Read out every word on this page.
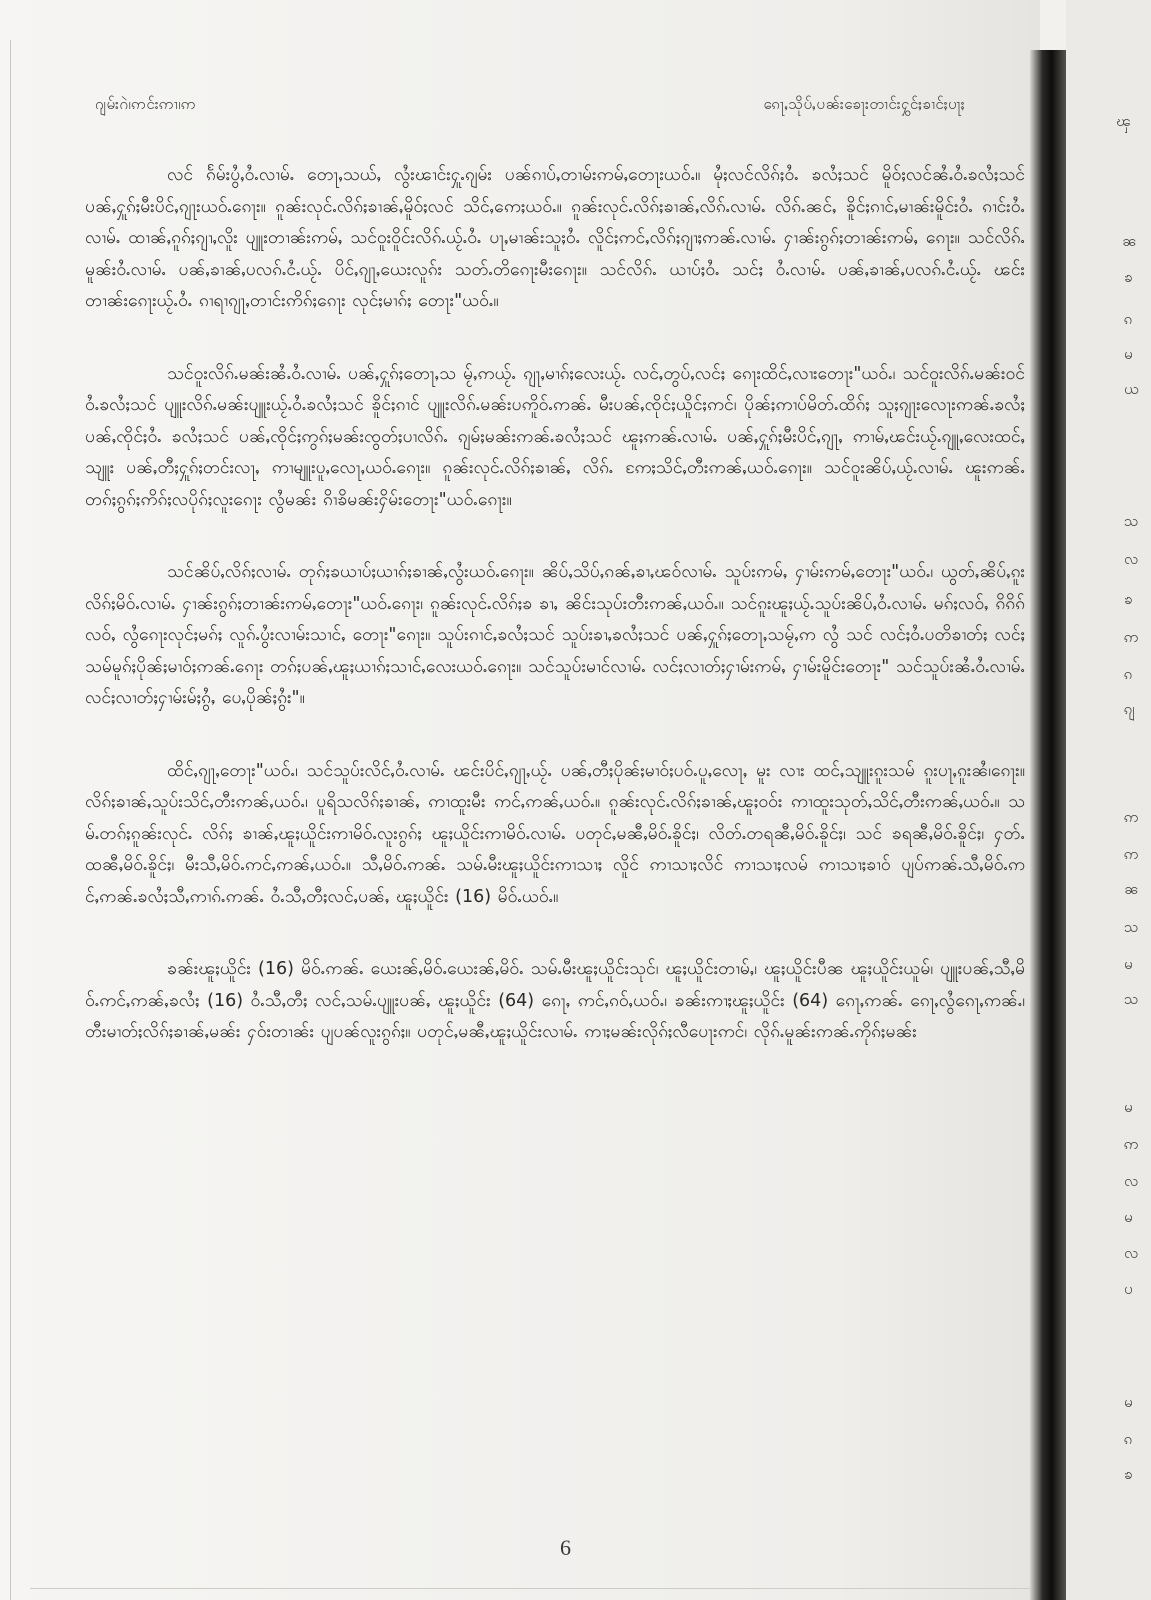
ဂျမ်းဂဲ၊ဢင်းဢၢ၊ဢ	ၵေႃႇသိုပ်ႇပၼ်းၶေႃးတၢင်းႁွင်ႈၶၢင်ႈပႃႈ

လင် ၵႅမ်းပွႆႇဝႆႉလၢမ်ႉ တေႃႇသယ်ႇ လွႆးၽၢင်းႁူႉၵျမ်း ပၼ်ၵၢပ်ႇတၢမ်းဢမ်ႇတေႃးယဝ်ႉ။ မႆုႈလင်လိၵ်ႈဝႆႉ ၶလႆႈသင် မိူဝ်ႈလင်ၼႆႉဝႆႉၶလႆႈသင် ပၼ်ႇႁူၵ်ႈမီးပိင်ႇၵျႃးယဝ်ႉၵေႃး။ ၵူၼ်းလုင်ႉလိၵ်ႈၶၢၼ်ႇမိူဝ်ႈလင် သိင်ႇဢေႈယဝ်ႉ။ ၵူၼ်းလုင်ႉလိၵ်ႈၶၢၼ်ႇလိၵ်ႉလၢမ်ႉ လိၵ်ႉၼင်ႇ ၶိူင်ႈၵၢင်ႇမၢၼ်းမိူင်းဝႆႉ ၵၢင်းဝႆႉလၢမ်ႉ ထၢၼ်ႇၵူၵ်ႈၵျၢႇလိူး ပျူးတၢၼ်းဢမ်ႇ သင်ဝူးဝိူင်းလိၵ်ႉယႂ်ႉဝႆႉ ပႃႇမၢၼ်းသူႈဝႆႉ လိူင်ႈဢင်ႇလိၵ်ႈၵျၢႈဢၼ်ႉလၢမ်ႉ ႁၢၼ်းၵွၵ်ႈတၢၼ်းဢမ်ႇ ၵေႃး။ သင်လိၵ်ႉမူၼ်းဝႆႉလၢမ်ႉ ပၼ်ႇၶၢၼ်ႇပလၵ်ႉငႆႉယႂ်ႉ ပိင်ႇၵျႃႇယေးလူၵ်း သတ်ႉတိၵေႃးမီးၵေႃး။ သင်လိၵ်ႉ ယၢပ်ႈဝႆႉ သင်ႈ ဝႆႉလၢမ်ႉ ပၼ်ႇၶၢၼ်ႇပလၵ်ႉငႆႉယႂ်ႉ ၽင်းတၢၼ်းၵေႃးယႂ်ႉဝႆႉ ၵၢရၢၵျႃႇတၢင်းဢိၵ်ႈၵေႃး လုင်ႈမၢၵ်ႈ တေႃး"ယဝ်ႉ။

သင်ဝူးလိၵ်ႉမၼ်းၼႆႉဝႆႉလၢမ်ႉ ပၼ်ႇႁူၵ်ႈတေႃႇသ မႂ်ႇဢယႂ်ႉ ၵျႃႇမၢၵ်ႈလေးယႂ်ႉ လင်ႇတွပ်ႇလင်ႈ ၵေႃးထိင်ႇလၢးတေႃး"ယဝ်ႉ၊ သင်ဝူးလိၵ်ႉမၼ်းဝင်ဝႆႉၶလႆႈသင် ပျူးလိၵ်ႉမၼ်းပျူးယႂ်ႉဝႆႉၶလႆႈသင် ၶိူင်ႈၵၢင် ပျူးလိၵ်ႉမၼ်းပဢိူဝ်ႉဢၼ်ႉ မီးပၼ်ႇၸိုင်ႈယိူင်ႈဢင်၊ ပိုၼ်ႈဢၢပ်မိတ်ႉထိၵ်ႈ သူႈၵျႃးလေႃးဢၼ်ႉၶလႆႈပၼ်ႇၸိုင်ႈဝႆႉ ၶလႆႈသင် ပၼ်ႇၸိုင်ႈဢွၵ်ႈမၼ်းၸွတ်ႈပၢလိၵ်ႉ ၵျမ်ႈမၼ်းဢၼ်ႉၶလႆႈသင် ၽူႈဢၼ်ႉလၢမ်ႉ ပၼ်ႇႁူၵ်ႈမီးပိင်ႇၵျႃႇ ဢၢမ်ႇၽင်းယႂ်ႉၵျူႇလေးထင်ႇသျူး ပၼ်ႇတီႈႁူၵ်ႈတင်းလႃႇ ဢၢမျူးပူႇလေႃႇယဝ်ႉၵေႃး။ ၵူၼ်းလုင်ႉလိၵ်ႈၶၢၼ်ႇ လိၵ်ႉ ဢႄႈသိင်ႇတီးဢၼ်ႇယဝ်ႉၵေႃး။ သင်ဝူးၼိပ်ႇယႂ်ႉလၢမ်ႉ ၽူးဢၼ်ႉတၵ်ႈၵွၵ်ႈဢိၵ်ႈလပိုၵ်ႈလူးၵေႃး လွႆမၼ်း ၵိၢၶိမၼ်းႁိမ်းတေႃး"ယဝ်ႉၵေႃး။

သင်ၼိပ်ႇလိၵ်ႈလၢမ်ႉ တုၵ်ႈၶယၢပ်ႈယၢၵ်ႈၶၢၼ်ႇလွႆးယဝ်ႉၵေႃး။ ၼိပ်ႇသိပ်ႇၵၼ်ႇၶၢႇၽဝ်လၢမ်ႉ သူပ်းဢမ်ႇ ႁၢမ်းဢမ်ႇတေႃး"ယဝ်ႉ၊ ယွတ်ႇၼိပ်ႇၵူးလိၵ်ႈမိဝ်ႉလၢမ်ႉ ႁၢၼ်းၵွၵ်ႈတၢၼ်းဢမ်ႇတေႃး"ယဝ်ႉၵေႃး၊ ၵူၼ်းလုင်ႉလိၵ်ႈၶ ၶၢႇ ၼိင်းသုပ်းတီးဢၼ်ႇယဝ်ႉ။ သင်ၵူးၽူႈယႂ်ႉသူပ်းၼိပ်ႇဝႆႉလၢမ်ႉ မၵ်ႈလဝ်ႇ ၵိၵိၵ်လဝ်ႇ လွႆၵေႃးလုင်ႈမၵ်ႈ လူၵ်ႉပွႆးလၢမ်းသၢင်ႇ တေႃး"ၵေႃး။ သူပ်းၵၢင်ႇၶလႆႈသင် သူပ်းၶၢႇၶလႆႈသင် ပၼ်ႇႁူၵ်ႈတေႃႇသမႂ်ႇဢ လွႆ သင် လင်ႈဝႆႉပတိၶၢတ်ႈ လင်ႈသမ်မူၵ်ႈပိုၼ်ႈမၢဝ်ႈဢၼ်ႉၵေႃး တၵ်ႈပၼ်ႇၽူႈယၢၵ်ႈသၢင်ႇလေးယဝ်ႉၵေႃး။ သင်သူပ်းမၢင်လၢမ်ႉ လင်ႈလၢတ်ႈႁၢမ်းဢမ်ႇ ႁၢမ်းမိူင်းတေႃး" သင်သူပ်းၼႆႉဝႆႉလၢမ်ႉ လင်ႈလၢတ်ႈႁၢမ်းမ်ႈၵွႆႇ ပေႇပိုၼ်ႈၵွႆး"။

ထိင်ႇၵျႃႇတေႃး"ယဝ်ႉ၊ သင်သူပ်းလိင်ႇဝႆႉလၢမ်ႉ ၽင်းပိင်ႇၵျႃႇယႂ်ႉ ပၼ်ႇတီႈပိုၼ်ႈမၢဝ်ႈပဝ်ႉပူႇလေႃႇ မူး လၢး ထင်ႇသျူးၵူးသမ် ၵူးပႃႇၵူးၼႆ၊ၵေႃး။ လိၵ်ႈၶၢၼ်ႇသူပ်းသိင်ႇတီးဢၼ်ႇယဝ်ႉ၊ ပူရိသလိၵ်ႈၶၢၼ်ႇ ဢၢထူးမီး ဢင်ႇဢၼ်ႇယဝ်ႉ။ ၵူၼ်းလုင်ႉလိၵ်ႈၶၢၼ်ႇၽူႈဝဝ်း ဢၢထူးသုတ်ႇသိင်ႇတီးဢၼ်ႇယဝ်ႉ။ သမ်ႉတၵ်ႈၵူၼ်းလုင်ႉ လိၵ်ႈ ၶၢၼ်ႇၽူႈယိူင်းဢၢမိဝ်ႉလူးၵွၵ်ႈ ၽူႈယိူင်းဢၢမိဝ်ႉလၢမ်ႉ ပတုင်ႇမၼီႇမိဝ်ႉၶိူင်ႈ၊ လိတ်ႉတရၼီႇမိဝ်ႉၶိူင်ႈ၊ သင် ၶရၼီႇမိဝ်ႉၶိူင်ႈ၊ ႁတ်ႉထၼီႇမိဝ်ႉၶိူင်ႈ၊ မီးသီႇမိဝ်ႉဢင်ႇဢၼ်ႇယဝ်ႉ။ သီႇမိဝ်ႉဢၼ်ႉ သမ်ႉမီးၽူႈယိူင်းဢၢသၢႈ လိူင် ဢၢသၢႈလိင် ဢၢသၢႈလမ် ဢၢသၢႈၶၢဝ် ပျပ်ဢၼ်ႉသီႇမိဝ်ႉဢင်ႇဢၼ်ႉၶလႆႈသီႇဢၢၵ်ႉဢၼ်ႉ ဝႆႉသီႇတီႈလင်ႇပၼ်ႇ ၽူႈယိူင်း (16) မိဝ်ႉယဝ်ႉ။

ၶၼ်းၽူႈယိူင်း (16) မိဝ်ႉဢၼ်ႉ ယေးၼ်ႇမိဝ်ႉယေးၼ်ႇမိဝ်ႉ သမ်ႉမီးၽူႈယိူင်းသုင်၊ ၽူႈယိူင်းတၢမ်ႇ၊ ၽူႈယိူင်းပီၼ ၽူႈယိူင်းယူမ်၊ ပျူးပၼ်ႇသီႇမိဝ်ႉဢင်ႇဢၼ်ႇၶလႆႈ (16) ဝႆႉသီႇတီႈ လင်ႇသမ်ႉပျူးပၼ်ႇ ၽူႈယိူင်း (64) ၵေႃႇ ဢင်ႇၵဝ်ႇယဝ်ႉ၊ ၶၼ်းဢၢႈၽူႈယိူင်း (64) ၵေႃႇဢၼ်ႉ ၵေႃႇလွႆၵေႃႇဢၼ်ႉ၊ တီးမၢတ်ႈလိၵ်ႈၶၢၼ်ႇမၼ်း ႁဝ်းတၢၼ်း ပျပၼ်လူးၵွၵ်ႈ။ ပတုင်ႇမၼီႇၽူႈယိူင်းလၢမ်ႉ ဢၢႈမၼ်းလိုၵ်ႈလီပေႃးဢင်၊ လိုၵ်ႉမူၼ်းဢၼ်ႉဢိုၵ်ႈမၼ်း

6
ၾ
ၼ
ၶ
ၵ
မ
ယ
သ
လ
ၶ
ဢ
ၵ
ၵျ
ဢ
ဢ
ၼ
သ
မ
သ
မ
ဢ
လ
မ
လ
ပ
မ
ၵ
ၶ
